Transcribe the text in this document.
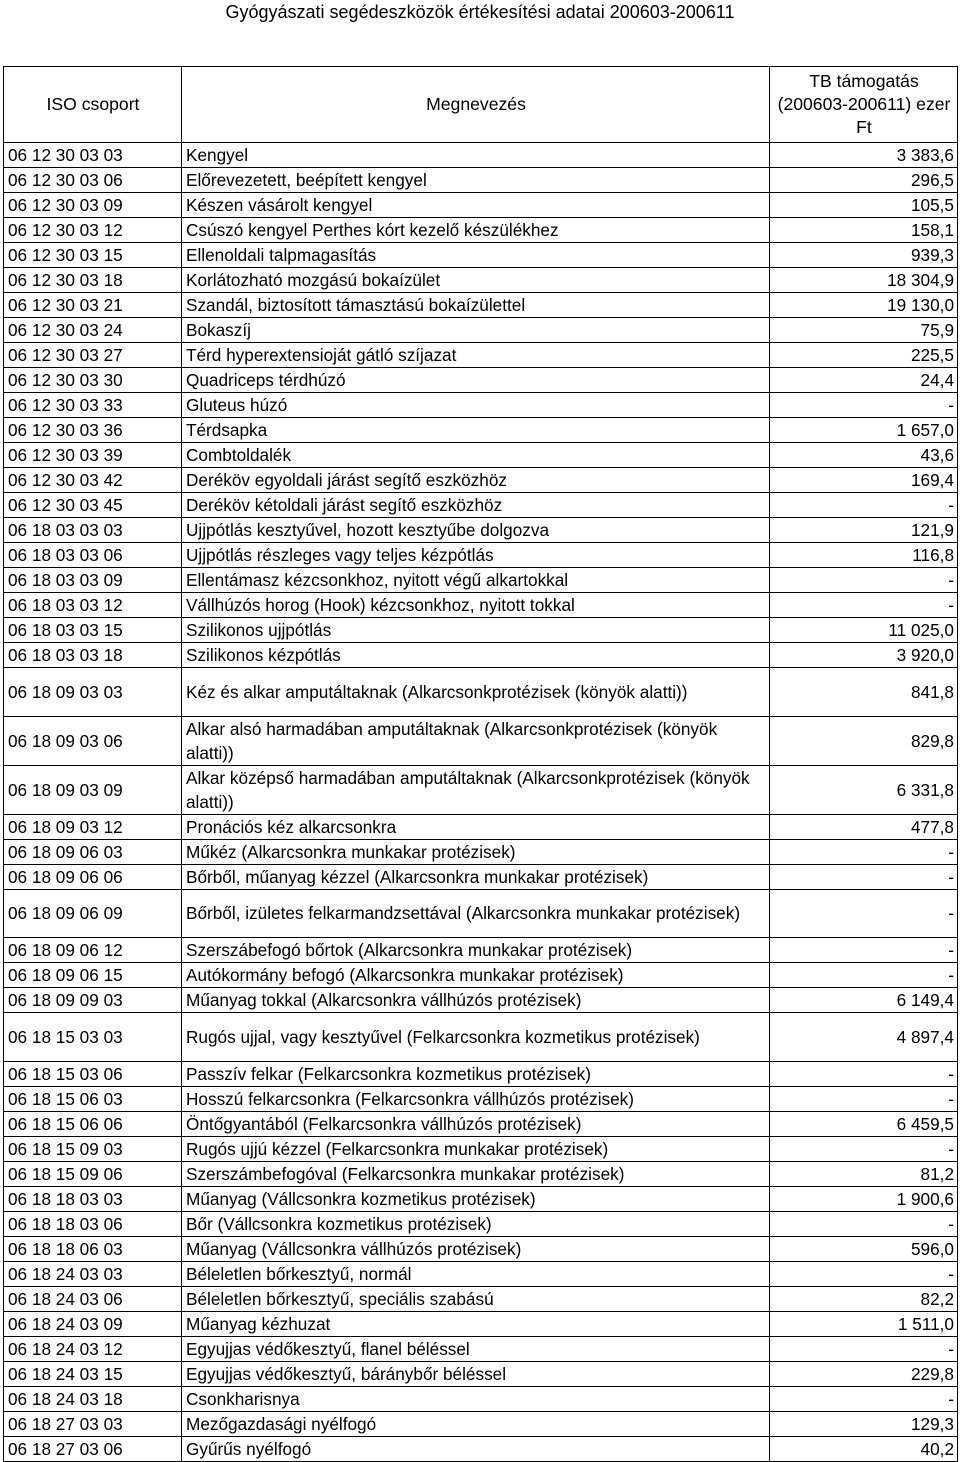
Gyógyászati segédeszközök értékesítési adatai 200603-200611
ISO csoport	Megnevezés	TB támogatás (200603-200611) ezer Ft
06 12 30 03 03	Kengyel	3 383,6
06 12 30 03 06	Előrevezetett, beépített kengyel	296,5
06 12 30 03 09	Készen vásárolt kengyel	105,5
06 12 30 03 12	Csúszó kengyel Perthes kórt kezelő készülékhez	158,1
06 12 30 03 15	Ellenoldali talpmagasítás	939,3
06 12 30 03 18	Korlátozható mozgású bokaízület	18 304,9
06 12 30 03 21	Szandál, biztosított támasztású bokaízülettel	19 130,0
06 12 30 03 24	Bokaszíj	75,9
06 12 30 03 27	Térd hyperextensioját gátló szíjazat	225,5
06 12 30 03 30	Quadriceps térdhúzó	24,4
06 12 30 03 33	Gluteus húzó	-
06 12 30 03 36	Térdsapka	1 657,0
06 12 30 03 39	Combtoldalék	43,6
06 12 30 03 42	Deréköv egyoldali járást segítő eszközhöz	169,4
06 12 30 03 45	Deréköv kétoldali járást segítő eszközhöz	-
06 18 03 03 03	Ujjpótlás kesztyűvel, hozott kesztyűbe dolgozva	121,9
06 18 03 03 06	Ujjpótlás részleges vagy teljes kézpótlás	116,8
06 18 03 03 09	Ellentámasz kézcsonkhoz, nyitott végű alkartokkal	-
06 18 03 03 12	Vállhúzós horog (Hook) kézcsonkhoz, nyitott tokkal	-
06 18 03 03 15	Szilikonos ujjpótlás	11 025,0
06 18 03 03 18	Szilikonos kézpótlás	3 920,0
06 18 09 03 03	Kéz és alkar amputáltaknak (Alkarcsonkprotézisek (könyök alatti))	841,8
06 18 09 03 06	Alkar alsó harmadában amputáltaknak (Alkarcsonkprotézisek (könyök alatti))	829,8
06 18 09 03 09	Alkar középső harmadában amputáltaknak (Alkarcsonkprotézisek (könyök alatti))	6 331,8
06 18 09 03 12	Pronációs kéz alkarcsonkra	477,8
06 18 09 06 03	Műkéz (Alkarcsonkra munkakar protézisek)	-
06 18 09 06 06	Bőrből, műanyag kézzel (Alkarcsonkra munkakar protézisek)	-
06 18 09 06 09	Bőrből, izületes felkarmandzsettával (Alkarcsonkra munkakar protézisek)	-
06 18 09 06 12	Szerszábefogó bőrtok (Alkarcsonkra munkakar protézisek)	-
06 18 09 06 15	Autókormány befogó (Alkarcsonkra munkakar protézisek)	-
06 18 09 09 03	Műanyag tokkal (Alkarcsonkra vállhúzós protézisek)	6 149,4
06 18 15 03 03	Rugós ujjal, vagy kesztyűvel (Felkarcsonkra kozmetikus protézisek)	4 897,4
06 18 15 03 06	Passzív felkar (Felkarcsonkra kozmetikus protézisek)	-
06 18 15 06 03	Hosszú felkarcsonkra (Felkarcsonkra vállhúzós protézisek)	-
06 18 15 06 06	Öntőgyantából (Felkarcsonkra vállhúzós protézisek)	6 459,5
06 18 15 09 03	Rugós ujjú kézzel (Felkarcsonkra munkakar protézisek)	-
06 18 15 09 06	Szerszámbefogóval (Felkarcsonkra munkakar protézisek)	81,2
06 18 18 03 03	Műanyag (Vállcsonkra kozmetikus protézisek)	1 900,6
06 18 18 03 06	Bőr (Vállcsonkra kozmetikus protézisek)	-
06 18 18 06 03	Műanyag (Vállcsonkra vállhúzós protézisek)	596,0
06 18 24 03 03	Béleletlen bőrkesztyű, normál	-
06 18 24 03 06	Béleletlen bőrkesztyű, speciális szabású	82,2
06 18 24 03 09	Műanyag kézhuzat	1 511,0
06 18 24 03 12	Egyujjas védőkesztyű, flanel béléssel	-
06 18 24 03 15	Egyujjas védőkesztyű, báránybőr béléssel	229,8
06 18 24 03 18	Csonkharisnya	-
06 18 27 03 03	Mezőgazdasági nyélfogó	129,3
06 18 27 03 06	Gyűrűs nyélfogó	40,2
